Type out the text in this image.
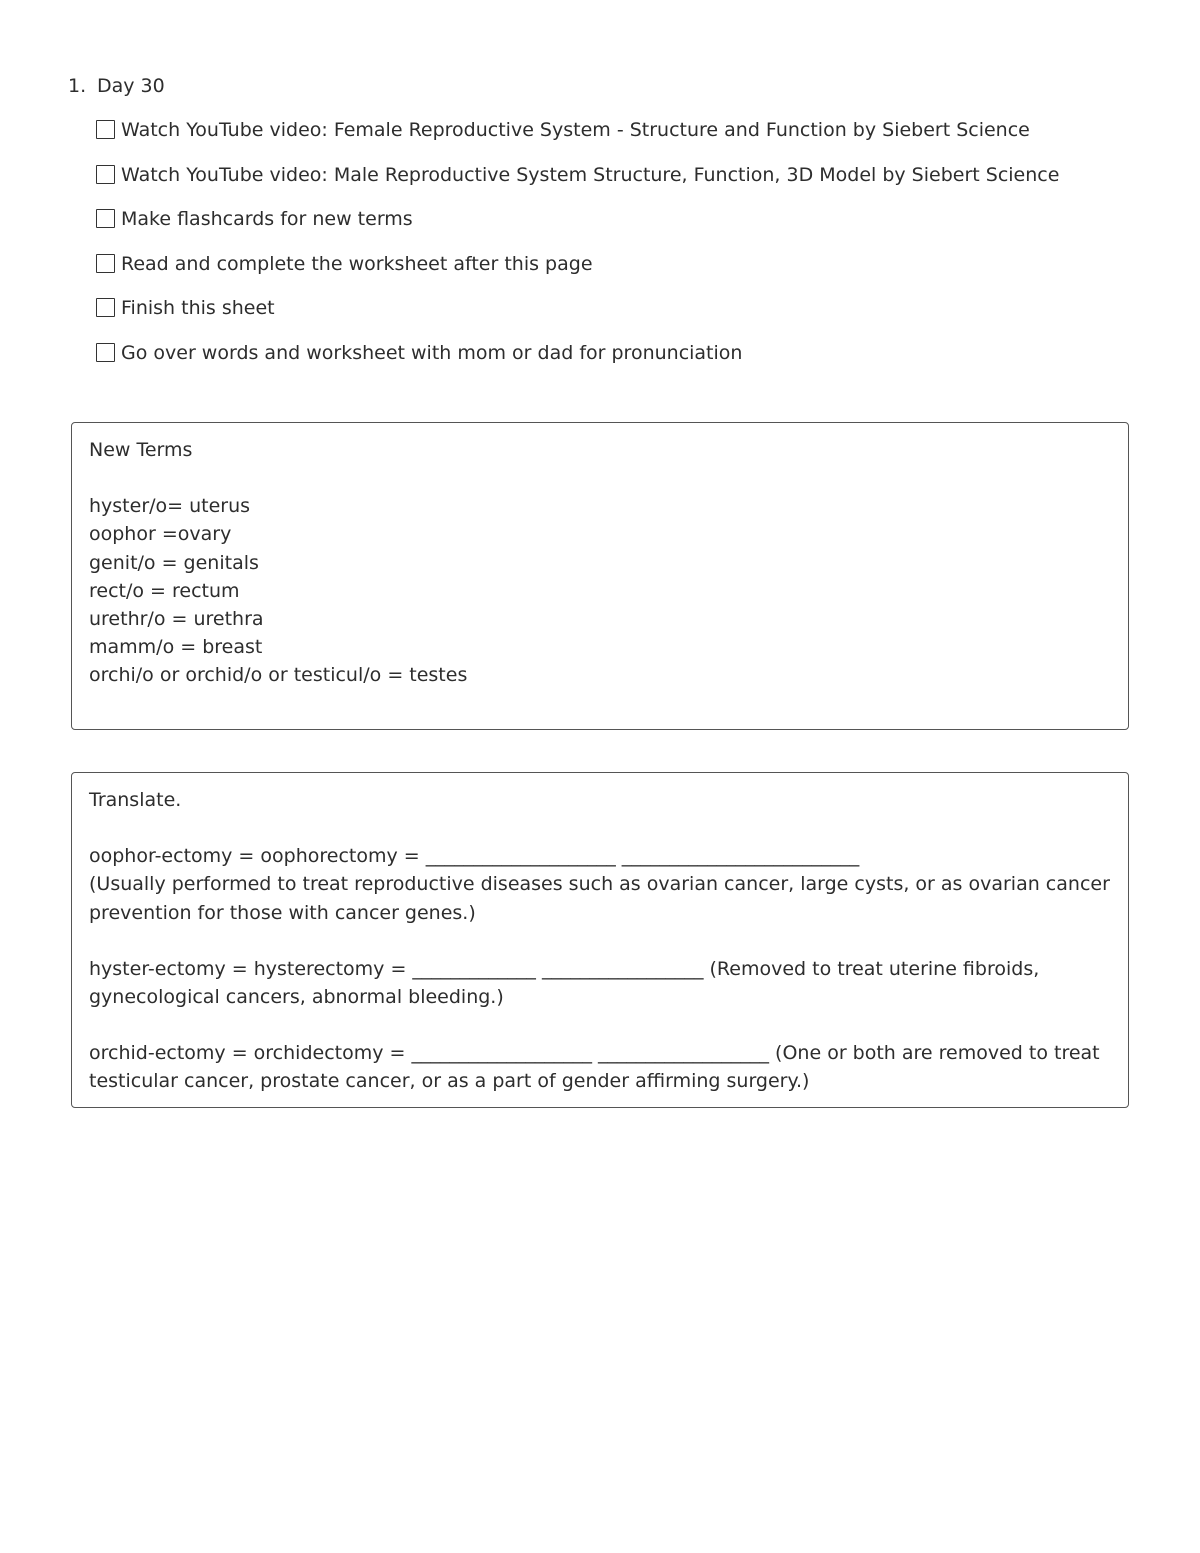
1. Day 30
Watch YouTube video: Female Reproductive System - Structure and Function by Siebert Science
Watch YouTube video: Male Reproductive System Structure, Function, 3D Model by Siebert Science
Make flashcards for new terms
Read and complete the worksheet after this page
Finish this sheet
Go over words and worksheet with mom or dad for pronunciation

New Terms

hyster/o= uterus

oophor =ovary

genit/o = genitals

rect/o = rectum

urethr/o = urethra

mamm/o = breast

orchi/o or orchid/o or testicul/o = testes

Translate.

oophor-ectomy = oophorectomy = ____________________ _________________________

(Usually performed to treat reproductive diseases such as ovarian cancer, large cysts, or as ovarian cancer prevention for those with cancer genes.)

hyster-ectomy = hysterectomy = _____________ _________________ (Removed to treat uterine fibroids, gynecological cancers, abnormal bleeding.)

orchid-ectomy = orchidectomy = ___________________ __________________ (One or both are removed to treat testicular cancer, prostate cancer, or as a part of gender affirming surgery.)
